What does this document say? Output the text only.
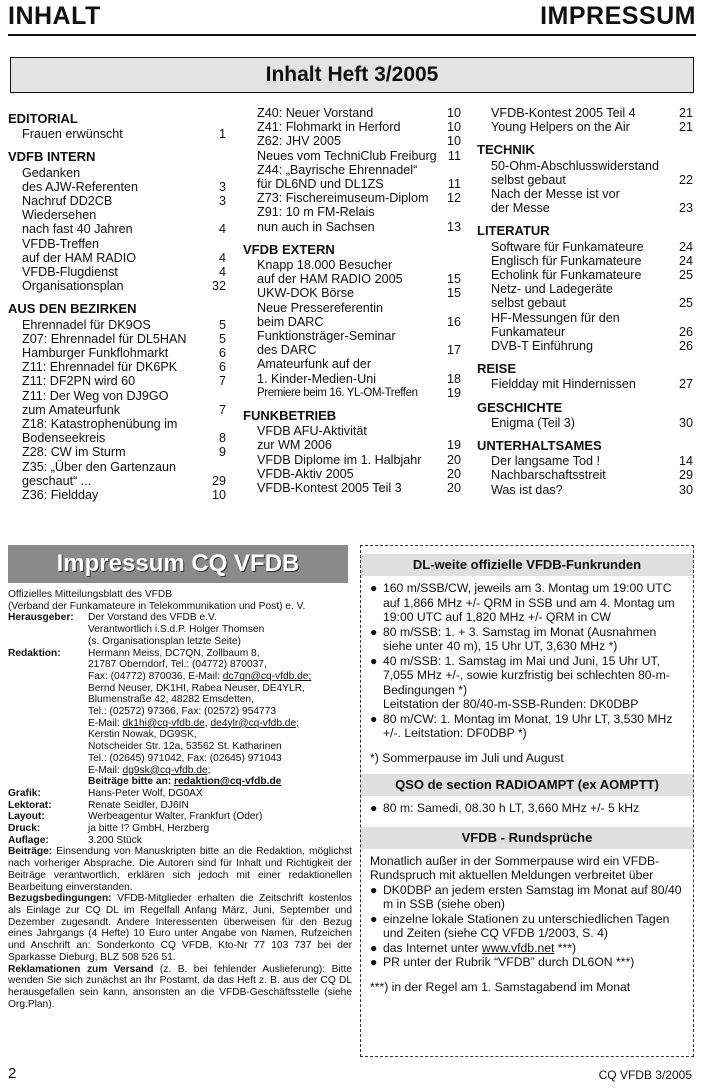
INHALT	IMPRESSUM
Inhalt Heft 3/2005
EDITORIAL
Frauen erwünscht	1
VDFB INTERN
Gedanken
des AJW-Referenten	3
Nachruf DD2CB	3
Wiedersehen
nach fast 40 Jahren	4
VFDB-Treffen
auf der HAM RADIO	4
VFDB-Flugdienst	4
Organisationsplan	32
AUS DEN BEZIRKEN
Ehrennadel für DK9OS	5
Z07: Ehrennadel für DL5HAN	5
Hamburger Funkflohmarkt	6
Z11: Ehrennadel für DK6PK	6
Z11: DF2PN wird 60	7
Z11: Der Weg von DJ9GO
zum Amateurfunk	7
Z18: Katastrophenübung im
Bodenseekreis	8
Z28: CW im Sturm	9
Z35: „Über den Gartenzaun
geschaut“ ...	29
Z36: Fieldday	10
Z40: Neuer Vorstand	10
Z41: Flohmarkt in Herford	10
Z62: JHV 2005	10
Neues vom TechniClub Freiburg 11
Z44: „Bayrische Ehrennadel“
für DL6ND und DL1ZS	11
Z73: Fischereimuseum-Diplom	12
Z91: 10 m FM-Relais
nun auch in Sachsen	13
VFDB EXTERN
Knapp 18.000 Besucher
auf der HAM RADIO 2005	15
UKW-DOK Börse	15
Neue Pressereferentin
beim DARC	16
Funktionsträger-Seminar
des DARC	17
Amateurfunk auf der
1. Kinder-Medien-Uni	18
Premiere beim 16. YL-OM-Treffen	19
FUNKBETRIEB
VFDB AFU-Aktivität
zur WM 2006	19
VFDB Diplome im 1. Halbjahr	20
VFDB-Aktiv 2005	20
VFDB-Kontest 2005 Teil 3	20
VFDB-Kontest 2005 Teil 4	21
Young Helpers on the Air	21
TECHNIK
50-Ohm-Abschlusswiderstand
selbst gebaut	22
Nach der Messe ist vor
der Messe	23
LITERATUR
Software für Funkamateure	24
Englisch für Funkamateure	24
Echolink für Funkamateure	25
Netz- und Ladegeräte
selbst gebaut	25
HF-Messungen für den
Funkamateur	26
DVB-T Einführung	26
REISE
Fieldday mit Hindernissen	27
GESCHICHTE
Enigma (Teil 3)	30
UNTERHALTSAMES
Der langsame Tod !	14
Nachbarschaftsstreit	29
Was ist das?	30
Impressum CQ VFDB
Offizielles Mitteilungsblatt des VFDB
(Verband der Funkamateure in Telekommunikation und Post) e. V.
Herausgeber:	Der Vorstand des VFDB e.V.
Verantwortlich i.S.d.P. Holger Thomsen
(s. Organisationsplan letzte Seite)
Redaktion:	Hermann Meiss, DC7QN, Zollbaum 8,
21787 Oberndorf, Tel.: (04772) 870037,
Fax: (04772) 870036, E-Mail: dc7qn@cq-vfdb.de;
Bernd Neuser, DK1HI, Rabea Neuser, DE4YLR,
Blumenstraße 42, 48282 Emsdetten,
Tel.: (02572) 97366, Fax: (02572) 954773
E-Mail: dk1hi@cq-vfdb.de, de4ylr@cq-vfdb.de;
Kerstin Nowak, DG9SK,
Notscheider Str. 12a, 53562 St. Katharinen
Tel.: (02645) 971042, Fax: (02645) 971043
E-Mail: dg9sk@cq-vfdb.de;
Beiträge bitte an: redaktion@cq-vfdb.de
Grafik:	Hans-Peter Wolf, DG0AX
Lektorat:	Renate Seidler, DJ6IN
Layout:	Werbeagentur Walter, Frankfurt (Oder)
Druck:	ja bitte !? GmbH, Herzberg
Auflage:	3.200 Stück

Beiträge: Einsendung von Manuskripten bitte an die Redaktion, möglichst nach vorheriger Absprache. Die Autoren sind für Inhalt und Richtigkeit der Beiträge verantwortlich, erklären sich jedoch mit einer redaktionellen Bearbeitung einverstanden.

Bezugsbedingungen: VFDB-Mitglieder erhalten die Zeitschrift kostenlos als Einlage zur CQ DL im Regelfall Anfang März, Juni, September und Dezember zugesandt. Andere Interessenten überweisen für den Bezug eines Jahrgangs (4 Hefte) 10 Euro unter Angabe von Namen, Rufzeichen und Anschrift an: Sonderkonto CQ VFDB, Kto-Nr 77 103 737 bei der Sparkasse Dieburg, BLZ 508 526 51.

Reklamationen zum Versand (z. B. bei fehlender Auslieferung): Bitte wenden Sie sich zunächst an Ihr Postamt, da das Heft z. B. aus der CQ DL herausgefallen sein kann, ansonsten an die VFDB-Geschäftsstelle (siehe Org.Plan).

DL-weite offizielle VFDB-Funkrunden
● 160 m/SSB/CW, jeweils am 3. Montag um 19:00 UTC auf 1,866 MHz +/- QRM in SSB und am 4. Montag um 19:00 UTC auf 1,820 MHz +/- QRM in CW
● 80 m/SSB: 1. + 3. Samstag im Monat (Ausnahmen siehe unter 40 m), 15 Uhr UT, 3,630 MHz *)
● 40 m/SSB: 1. Samstag im Mai und Juni, 15 Uhr UT, 7,055 MHz +/-, sowie kurzfristig bei schlechten 80-m-Bedingungen *)
Leitstation der 80/40-m-SSB-Runden: DK0DBP
● 80 m/CW: 1. Montag im Monat, 19 Uhr LT, 3,530 MHz +/-. Leitstation: DF0DBP *)
*) Sommerpause im Juli und August
QSO de section RADIOAMPT (ex AOMPTT)
● 80 m: Samedi, 08.30 h LT, 3,660 MHz +/- 5 kHz
VFDB - Rundsprüche
Monatlich außer in der Sommerpause wird ein VFDB-Rundspruch mit aktuellen Meldungen verbreitet über
● DK0DBP an jedem ersten Samstag im Monat auf 80/40 m in SSB (siehe oben)
● einzelne lokale Stationen zu unterschiedlichen Tagen und Zeiten (siehe CQ VFDB 1/2003, S. 4)
● das Internet unter www.vfdb.net ***)
● PR unter der Rubrik “VFDB” durch DL6ON ***)
***) in der Regel am 1. Samstagabend im Monat
2	CQ VFDB 3/2005
